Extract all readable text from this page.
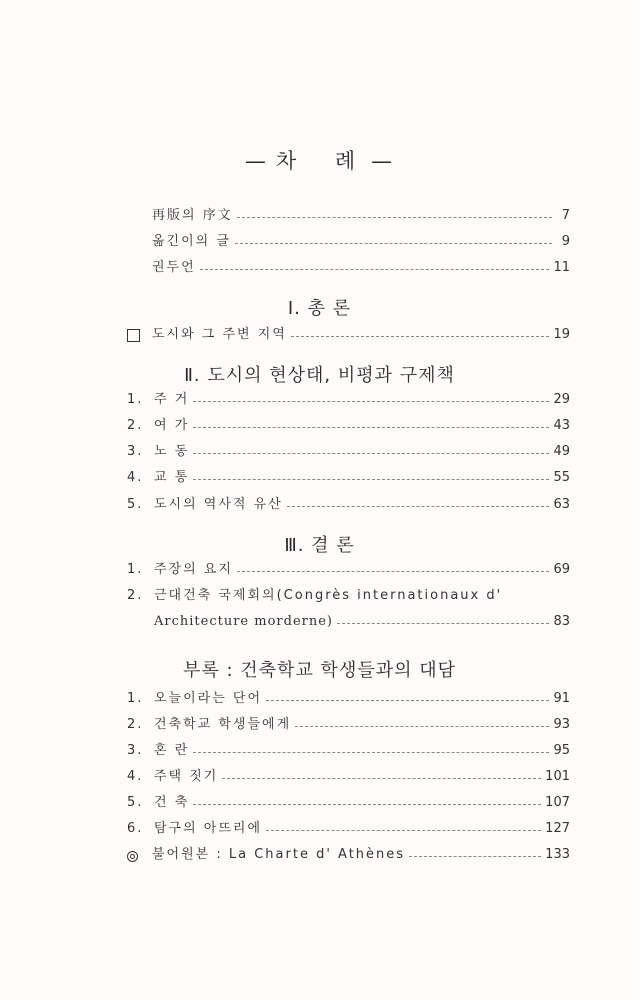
— 차 례—
再版의 序文	7
옮긴이의 글	9
권두언	11
Ⅰ. 총 론
도시와 그 주변 지역	19
Ⅱ. 도시의 현상태, 비평과 구제책
1. 주 거	29
2. 여 가	43
3. 노 동	49
4. 교 통	55
5. 도시의 역사적 유산	63
Ⅲ. 결 론
1. 주장의 요지	69
2. 근대건축 국제회의(Congrès internationaux d'
Architecture morderne)	83
부록 : 건축학교 학생들과의 대담
1. 오늘이라는 단어	91
2. 건축학교 학생들에게	93
3. 혼 란	95
4. 주택 짓기	101
5. 건 축	107
6. 탐구의 아뜨리에	127
불어원본 : La Charte d' Athènes	133
